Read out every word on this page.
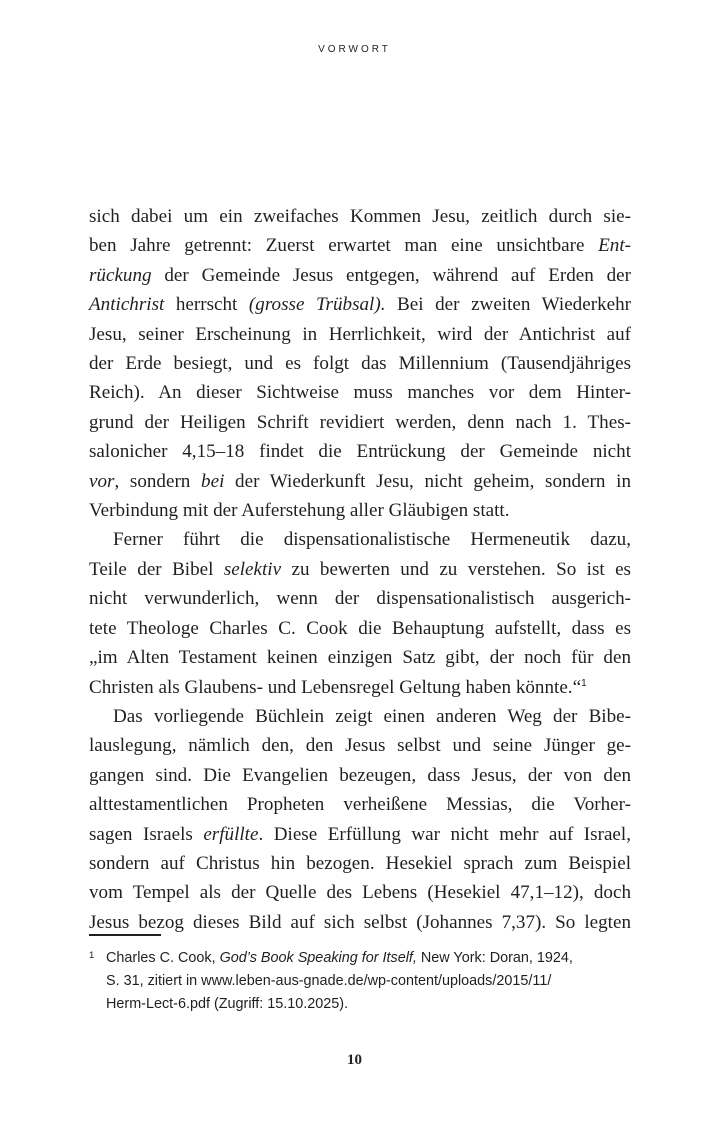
VORWORT

sich dabei um ein zweifaches Kommen Jesu, zeitlich durch sie-
ben Jahre getrennt: Zuerst erwartet man eine unsichtbare Ent-
rückung der Gemeinde Jesus entgegen, während auf Erden der
Antichrist herrscht (grosse Trübsal). Bei der zweiten Wiederkehr
Jesu, seiner Erscheinung in Herrlichkeit, wird der Antichrist auf
der Erde besiegt, und es folgt das Millennium (Tausendjähriges
Reich). An dieser Sichtweise muss manches vor dem Hinter-
grund der Heiligen Schrift revidiert werden, denn nach 1. Thes-
salonicher 4,15–18 findet die Entrückung der Gemeinde nicht
vor, sondern bei der Wiederkunft Jesu, nicht geheim, sondern in
Verbindung mit der Auferstehung aller Gläubigen statt.

Ferner führt die dispensationalistische Hermeneutik dazu,
Teile der Bibel selektiv zu bewerten und zu verstehen. So ist es
nicht verwunderlich, wenn der dispensationalistisch ausgerich-
tete Theologe Charles C. Cook die Behauptung aufstellt, dass es
„im Alten Testament keinen einzigen Satz gibt, der noch für den
Christen als Glaubens- und Lebensregel Geltung haben könnte.“$^1$

Das vorliegende Büchlein zeigt einen anderen Weg der Bibe-
lauslegung, nämlich den, den Jesus selbst und seine Jünger ge-
gangen sind. Die Evangelien bezeugen, dass Jesus, der von den
alttestamentlichen Propheten verheißene Messias, die Vorher-
sagen Israels erfüllte. Diese Erfüllung war nicht mehr auf Israel,
sondern auf Christus hin bezogen. Hesekiel sprach zum Beispiel
vom Tempel als der Quelle des Lebens (Hesekiel 47,1–12), doch
Jesus bezog dieses Bild auf sich selbst (Johannes 7,37). So legten

1 Charles C. Cook, God’s Book Speaking for Itself, New York: Doran, 1924,
S. 31, zitiert in www.leben-aus-gnade.de/wp-content/uploads/2015/11/
Herm-Lect-6.pdf (Zugriff: 15.10.2025).
10
